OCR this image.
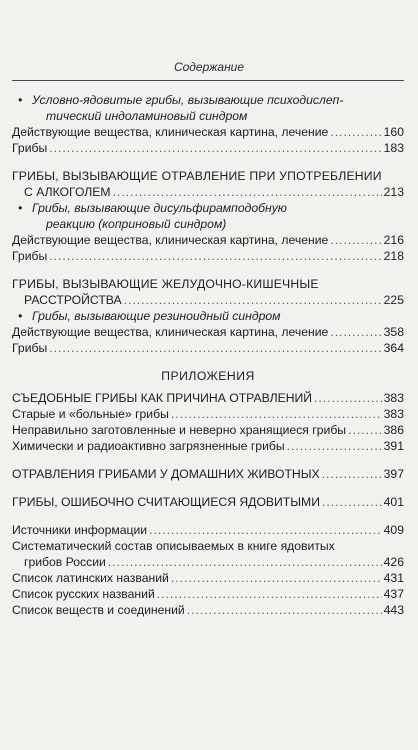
Содержание
• Условно-ядовитые грибы, вызывающие психодислеп-
тический индоламиновый синдром
Действующие вещества, клиническая картина, лечение .....	160
Грибы .....	183
ГРИБЫ, ВЫЗЫВАЮЩИЕ ОТРАВЛЕНИЕ ПРИ УПОТРЕБЛЕНИИ
С АЛКОГОЛЕМ .....	213
• Грибы, вызывающие дисульфирамподобную
реакцию (коприновый синдром)
Действующие вещества, клиническая картина, лечение .....	216
Грибы .....	218
ГРИБЫ, ВЫЗЫВАЮЩИЕ ЖЕЛУДОЧНО-КИШЕЧНЫЕ
РАССТРОЙСТВА .....	225
• Грибы, вызывающие резиноидный синдром
Действующие вещества, клиническая картина, лечение .....	358
Грибы .....	364
ПРИЛОЖЕНИЯ
СЪЕДОБНЫЕ ГРИБЫ КАК ПРИЧИНА ОТРАВЛЕНИЙ .....	383
Старые и «больные» грибы .....	383
Неправильно заготовленные и неверно хранящиеся грибы .....	386
Химически и радиоактивно загрязненные грибы .....	391
ОТРАВЛЕНИЯ ГРИБАМИ У ДОМАШНИХ ЖИВОТНЫХ .....	397
ГРИБЫ, ОШИБОЧНО СЧИТАЮЩИЕСЯ ЯДОВИТЫМИ .....	401
Источники информации .....	409
Систематический состав описываемых в книге ядовитых
грибов России .....	426
Список латинских названий .....	431
Список русских названий .....	437
Список веществ и соединений .....	443
